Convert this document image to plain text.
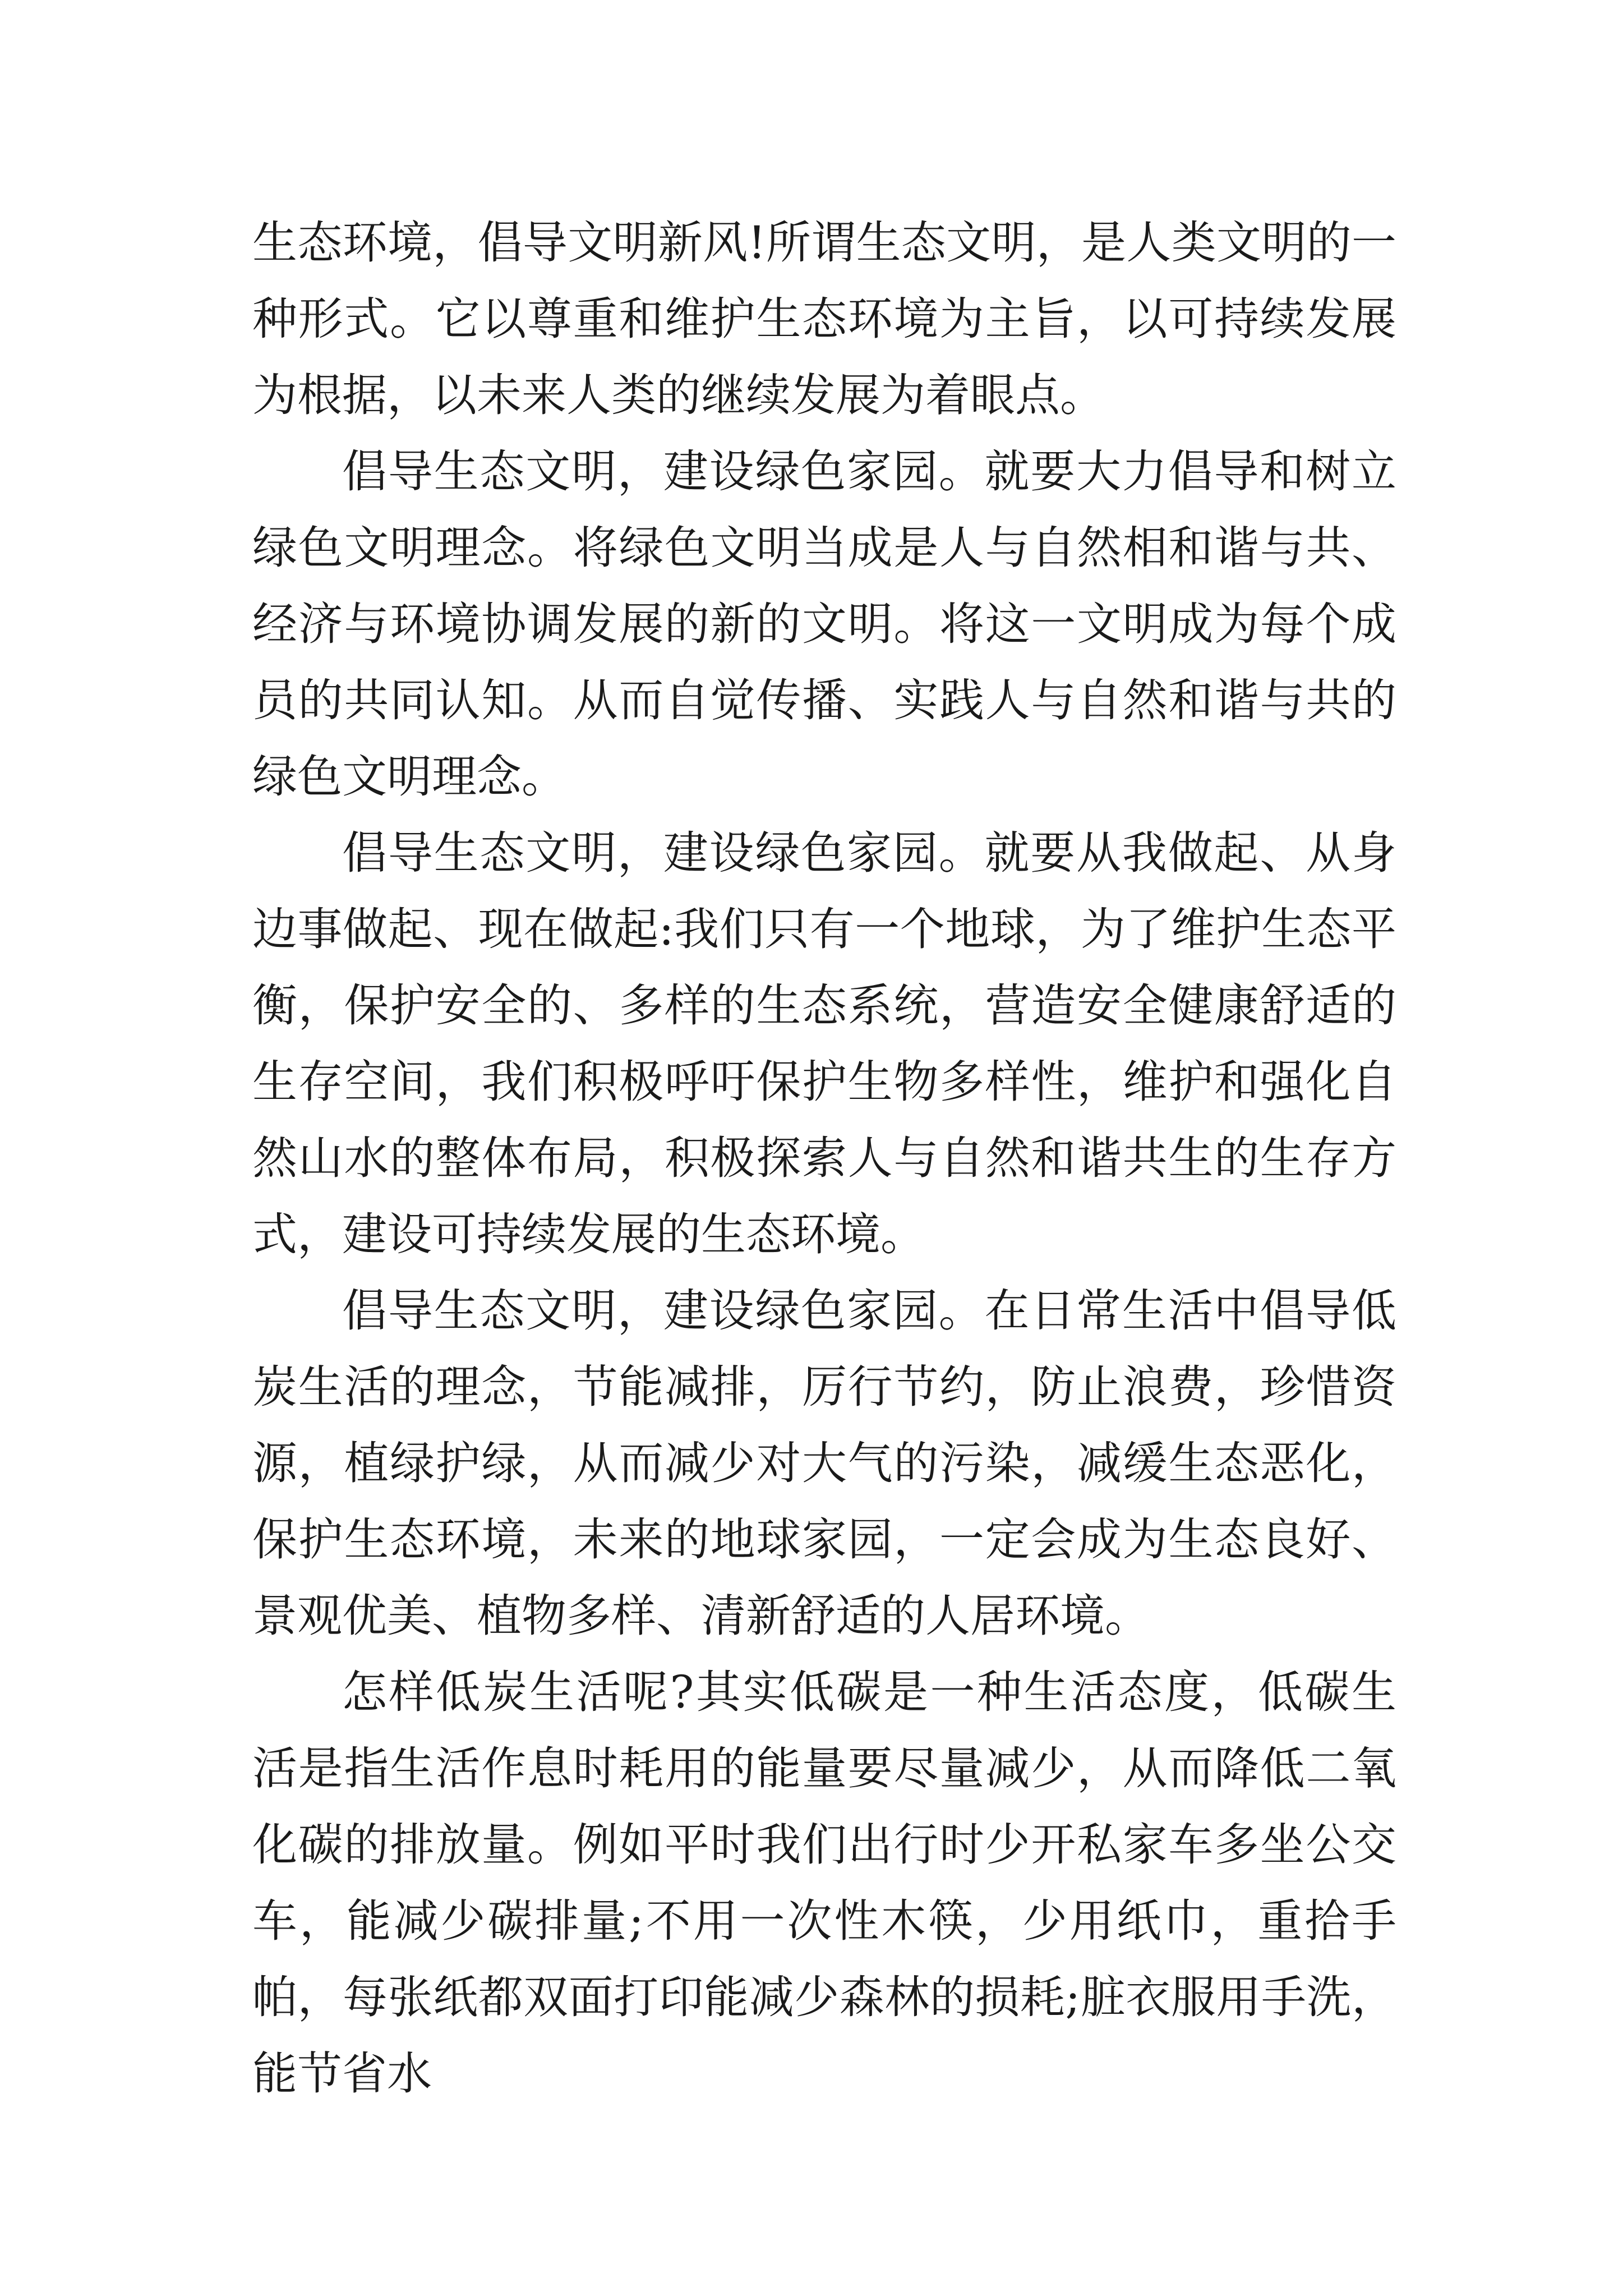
生态环境，倡导文明新风!所谓生态文明，是人类文明的一种形式。它以尊重和维护生态环境为主旨，以可持续发展为根据，以未来人类的继续发展为着眼点。

倡导生态文明，建设绿色家园。就要大力倡导和树立绿色文明理念。将绿色文明当成是人与自然相和谐与共、经济与环境协调发展的新的文明。将这一文明成为每个成员的共同认知。从而自觉传播、实践人与自然和谐与共的绿色文明理念。

倡导生态文明，建设绿色家园。就要从我做起、从身边事做起、现在做起:我们只有一个地球，为了维护生态平衡，保护安全的、多样的生态系统，营造安全健康舒适的生存空间，我们积极呼吁保护生物多样性，维护和强化自然山水的整体布局，积极探索人与自然和谐共生的生存方式，建设可持续发展的生态环境。

倡导生态文明，建设绿色家园。在日常生活中倡导低炭生活的理念，节能减排，厉行节约，防止浪费，珍惜资源，植绿护绿，从而减少对大气的污染，减缓生态恶化，保护生态环境，未来的地球家园，一定会成为生态良好、景观优美、植物多样、清新舒适的人居环境。

怎样低炭生活呢?其实低碳是一种生活态度，低碳生活是指生活作息时耗用的能量要尽量减少，从而降低二氧化碳的排放量。例如平时我们出行时少开私家车多坐公交车，能减少碳排量;不用一次性木筷，少用纸巾，重拾手帕，每张纸都双面打印能减少森林的损耗;脏衣服用手洗，能节省水
